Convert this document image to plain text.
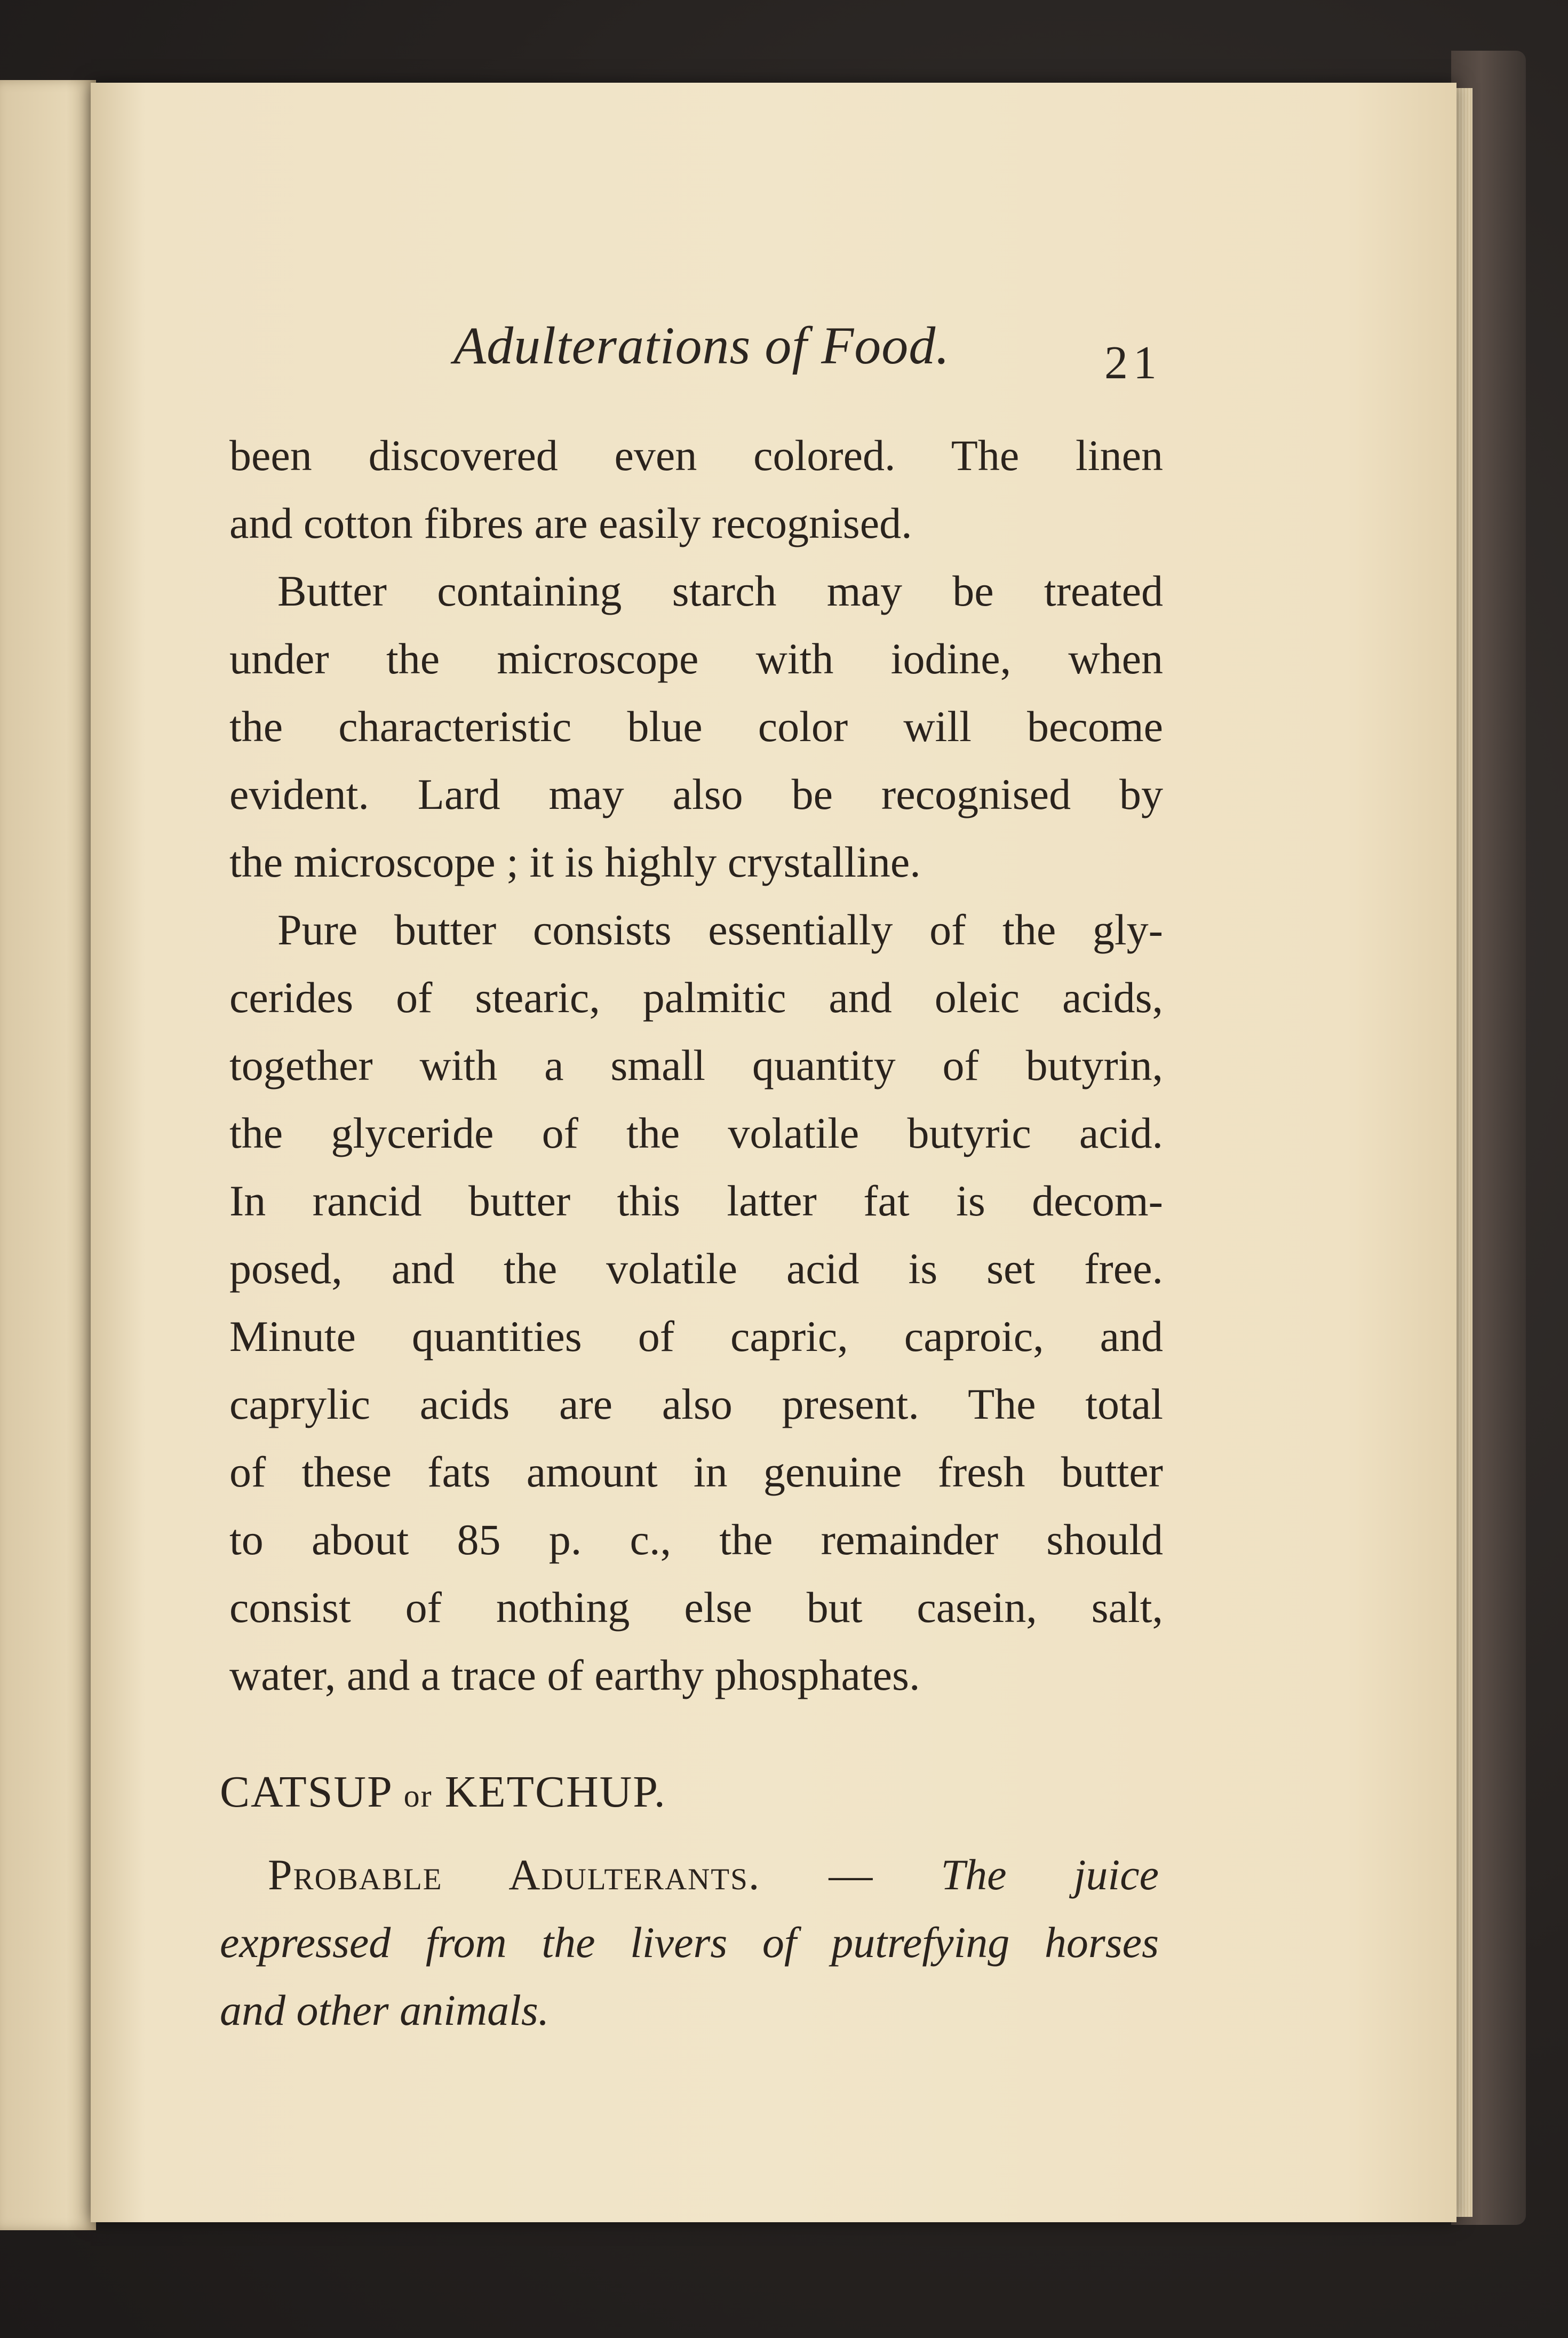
Adulterations of Food.	21
been discovered even colored. The linen
and cotton fibres are easily recognised.
Butter containing starch may be treated
under the microscope with iodine, when
the characteristic blue color will become
evident. Lard may also be recognised by
the microscope ; it is highly crystalline.
Pure butter consists essentially of the gly-
cerides of stearic, palmitic and oleic acids,
together with a small quantity of butyrin,
the glyceride of the volatile butyric acid.
In rancid butter this latter fat is decom-
posed, and the volatile acid is set free.
Minute quantities of capric, caproic, and
caprylic acids are also present. The total
of these fats amount in genuine fresh butter
to about 85 p. c., the remainder should
consist of nothing else but casein, salt,
water, and a trace of earthy phosphates.
CATSUP or KETCHUP.
Probable Adulterants. — The juice
expressed from the livers of putrefying horses
and other animals.
